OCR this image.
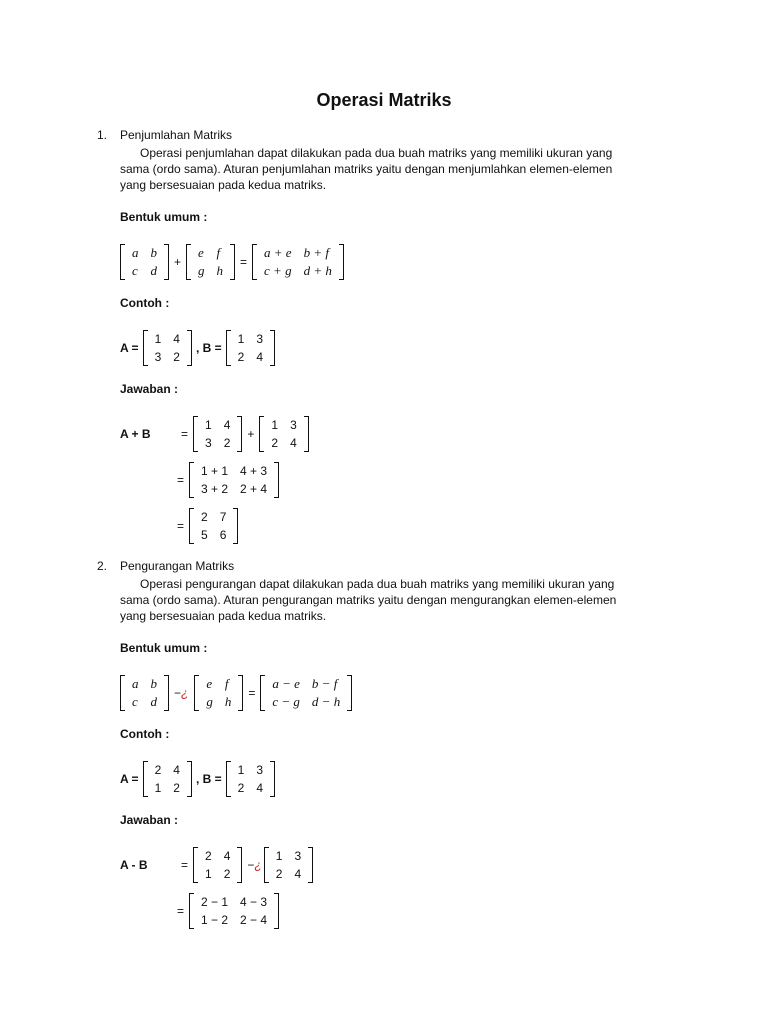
Operasi Matriks
1. Penjumlahan Matriks
Operasi penjumlahan dapat dilakukan pada dua buah matriks yang memiliki ukuran yang
sama (ordo sama). Aturan penjumlahan matriks yaitu dengan menjumlahkan elemen-elemen
yang bersesuaian pada kedua matriks.
Bentuk umum :
a	b
c	d
+
e	f
g	h
=
a + e	b + f
c + g	d + h
Contoh :
A =
1	4
3	2
, B =
1	3
2	4
Jawaban :
A + B	=
1	4
3	2
+
1	3
2	4
=
1 + 1	4 + 3
3 + 2	2 + 4
=
2	7
5	6
2. Pengurangan Matriks
Operasi pengurangan dapat dilakukan pada dua buah matriks yang memiliki ukuran yang
sama (ordo sama). Aturan pengurangan matriks yaitu dengan mengurangkan elemen-elemen
yang bersesuaian pada kedua matriks.
Bentuk umum :
a	b
c	d
− ¿
e	f
g	h
=
a − e	b − f
c − g	d − h
Contoh :
A =
2	4
1	2
, B =
1	3
2	4
Jawaban :
A - B	=
2	4
1	2
− ¿
1	3
2	4
=
2 − 1	4 − 3
1 − 2	2 − 4
